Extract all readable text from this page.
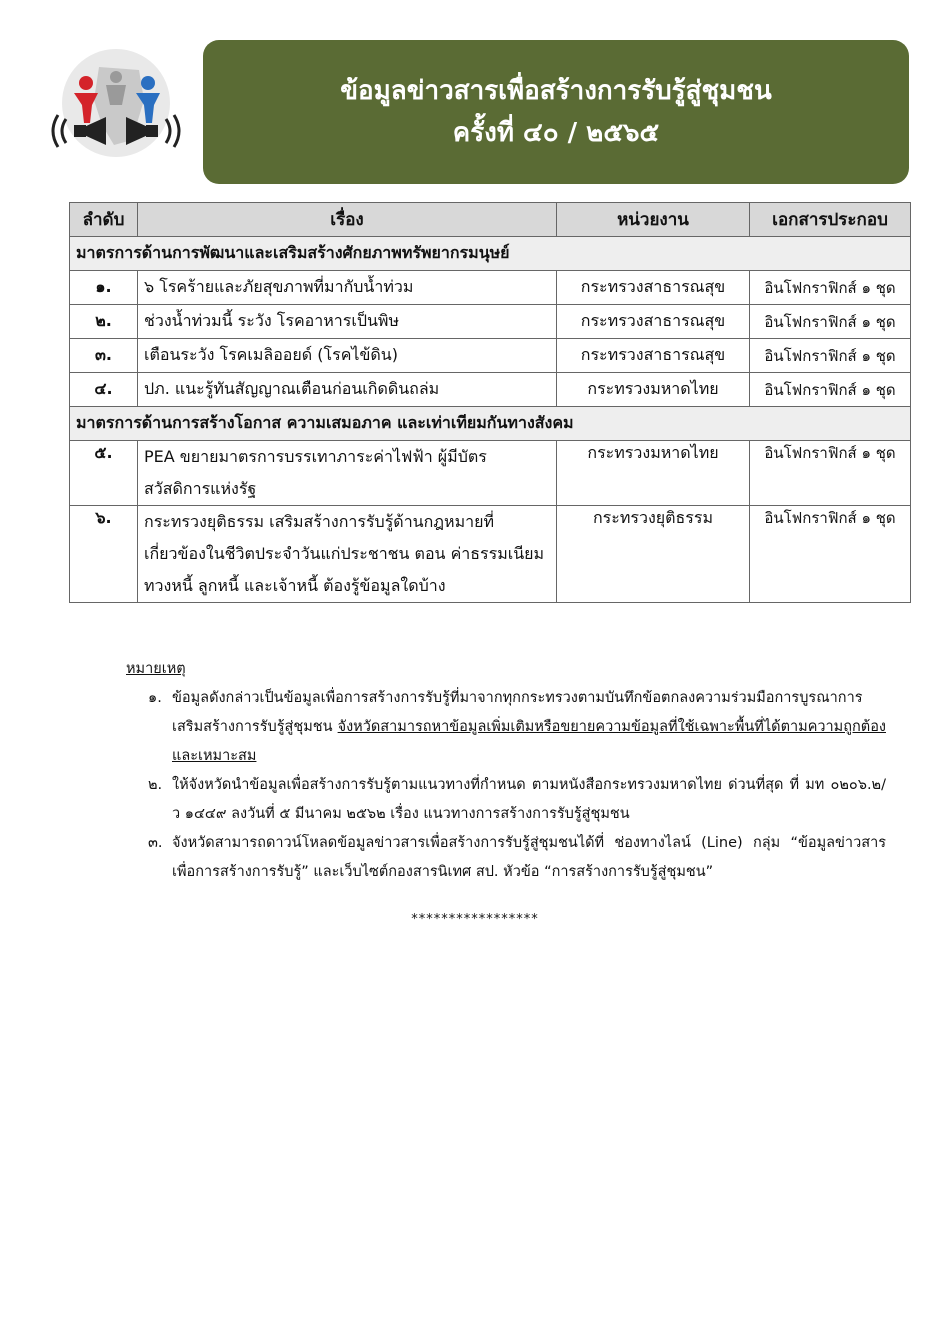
ข้อมูลข่าวสารเพื่อสร้างการรับรู้สู่ชุมชน
ครั้งที่ ๔๐ / ๒๕๖๕
ลำดับ	เรื่อง	หน่วยงาน	เอกสารประกอบ
มาตรการด้านการพัฒนาและเสริมสร้างศักยภาพทรัพยากรมนุษย์			
๑.	๖ โรคร้ายและภัยสุขภาพที่มากับน้ำท่วม	กระทรวงสาธารณสุข	อินโฟกราฟิกส์ ๑ ชุด
๒.	ช่วงน้ำท่วมนี้ ระวัง โรคอาหารเป็นพิษ	กระทรวงสาธารณสุข	อินโฟกราฟิกส์ ๑ ชุด
๓.	เตือนระวัง โรคเมลิออยด์ (โรคไข้ดิน)	กระทรวงสาธารณสุข	อินโฟกราฟิกส์ ๑ ชุด
๔.	ปภ. แนะรู้ทันสัญญาณเตือนก่อนเกิดดินถล่ม	กระทรวงมหาดไทย	อินโฟกราฟิกส์ ๑ ชุด
มาตรการด้านการสร้างโอกาส ความเสมอภาค และเท่าเทียมกันทางสังคม			
๕.	PEA ขยายมาตรการบรรเทาภาระค่าไฟฟ้า ผู้มีบัตรสวัสดิการแห่งรัฐ	กระทรวงมหาดไทย	อินโฟกราฟิกส์ ๑ ชุด
๖.	กระทรวงยุติธรรม เสริมสร้างการรับรู้ด้านกฎหมายที่เกี่ยวข้องในชีวิตประจำวันแก่ประชาชน ตอน ค่าธรรมเนียมทวงหนี้ ลูกหนี้ และเจ้าหนี้ ต้องรู้ข้อมูลใดบ้าง	กระทรวงยุติธรรม	อินโฟกราฟิกส์ ๑ ชุด
หมายเหตุ
๑. ข้อมูลดังกล่าวเป็นข้อมูลเพื่อการสร้างการรับรู้ที่มาจากทุกกระทรวงตามบันทึกข้อตกลงความร่วมมือการบูรณาการเสริมสร้างการรับรู้สู่ชุมชน จังหวัดสามารถหาข้อมูลเพิ่มเติมหรือขยายความข้อมูลที่ใช้เฉพาะพื้นที่ได้ตามความถูกต้องและเหมาะสม
๒. ให้จังหวัดนำข้อมูลเพื่อสร้างการรับรู้ตามแนวทางที่กำหนด ตามหนังสือกระทรวงมหาดไทย ด่วนที่สุด ที่ มท ๐๒๐๖.๒/ว ๑๔๔๙ ลงวันที่ ๕ มีนาคม ๒๕๖๒ เรื่อง แนวทางการสร้างการรับรู้สู่ชุมชน
๓. จังหวัดสามารถดาวน์โหลดข้อมูลข่าวสารเพื่อสร้างการรับรู้สู่ชุมชนได้ที่ ช่องทางไลน์ (Line) กลุ่ม “ข้อมูลข่าวสารเพื่อการสร้างการรับรู้” และเว็บไซต์กองสารนิเทศ สป. หัวข้อ “การสร้างการรับรู้สู่ชุมชน”
*****************
